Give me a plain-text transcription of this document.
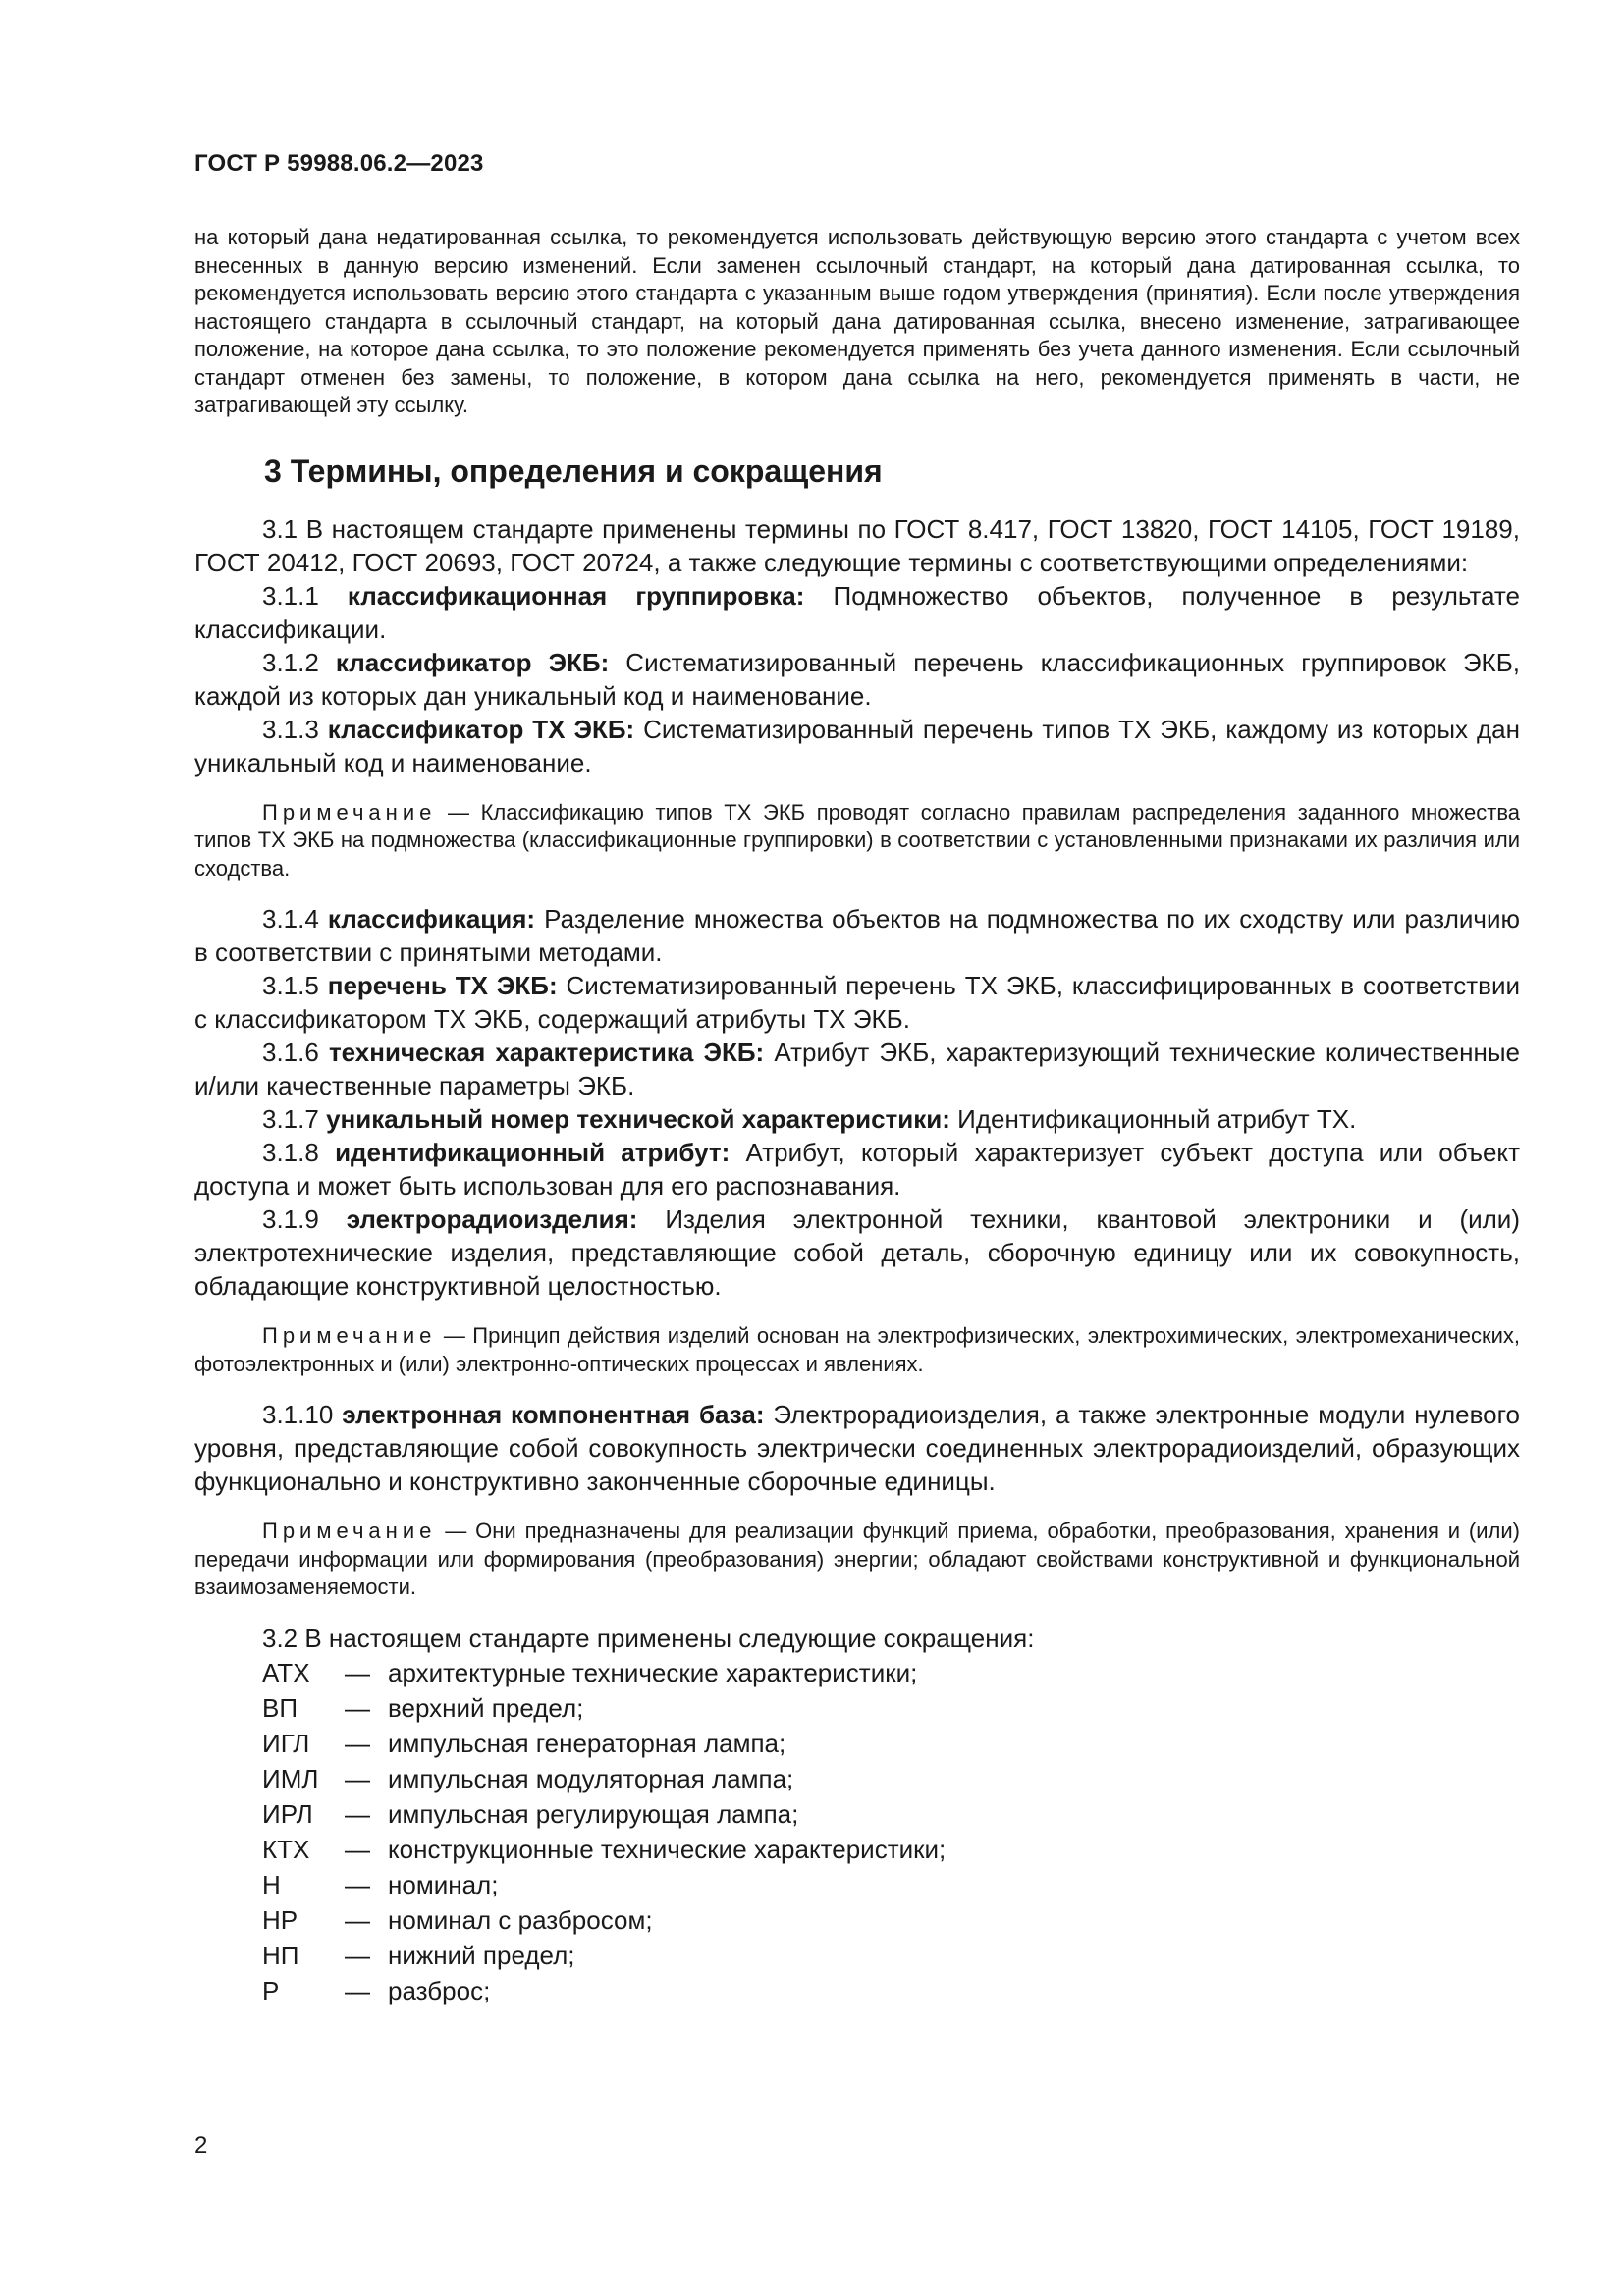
ГОСТ Р 59988.06.2—2023

на который дана недатированная ссылка, то рекомендуется использовать действующую версию этого стандарта с учетом всех внесенных в данную версию изменений. Если заменен ссылочный стандарт, на который дана датированная ссылка, то рекомендуется использовать версию этого стандарта с указанным выше годом утверждения (принятия). Если после утверждения настоящего стандарта в ссылочный стандарт, на который дана датированная ссылка, внесено изменение, затрагивающее положение, на которое дана ссылка, то это положение рекомендуется применять без учета данного изменения. Если ссылочный стандарт отменен без замены, то положение, в котором дана ссылка на него, рекомендуется применять в части, не затрагивающей эту ссылку.

3 Термины, определения и сокращения

3.1 В настоящем стандарте применены термины по ГОСТ 8.417, ГОСТ 13820, ГОСТ 14105, ГОСТ 19189, ГОСТ 20412, ГОСТ 20693, ГОСТ 20724, а также следующие термины с соответствующими определениями:

3.1.1 классификационная группировка: Подмножество объектов, полученное в результате классификации.

3.1.2 классификатор ЭКБ: Систематизированный перечень классификационных группировок ЭКБ, каждой из которых дан уникальный код и наименование.

3.1.3 классификатор ТХ ЭКБ: Систематизированный перечень типов ТХ ЭКБ, каждому из которых дан уникальный код и наименование.

Примечание — Классификацию типов ТХ ЭКБ проводят согласно правилам распределения заданного множества типов ТХ ЭКБ на подмножества (классификационные группировки) в соответствии с установленными признаками их различия или сходства.

3.1.4 классификация: Разделение множества объектов на подмножества по их сходству или различию в соответствии с принятыми методами.

3.1.5 перечень ТХ ЭКБ: Систематизированный перечень ТХ ЭКБ, классифицированных в соответствии с классификатором ТХ ЭКБ, содержащий атрибуты ТХ ЭКБ.

3.1.6 техническая характеристика ЭКБ: Атрибут ЭКБ, характеризующий технические количественные и/или качественные параметры ЭКБ.

3.1.7 уникальный номер технической характеристики: Идентификационный атрибут ТХ.

3.1.8 идентификационный атрибут: Атрибут, который характеризует субъект доступа или объект доступа и может быть использован для его распознавания.

3.1.9 электрорадиоизделия: Изделия электронной техники, квантовой электроники и (или) электротехнические изделия, представляющие собой деталь, сборочную единицу или их совокупность, обладающие конструктивной целостностью.

Примечание — Принцип действия изделий основан на электрофизических, электрохимических, электромеханических, фотоэлектронных и (или) электронно-оптических процессах и явлениях.

3.1.10 электронная компонентная база: Электрорадиоизделия, а также электронные модули нулевого уровня, представляющие собой совокупность электрически соединенных электрорадиоизделий, образующих функционально и конструктивно законченные сборочные единицы.

Примечание — Они предназначены для реализации функций приема, обработки, преобразования, хранения и (или) передачи информации или формирования (преобразования) энергии; обладают свойствами конструктивной и функциональной взаимозаменяемости.

3.2 В настоящем стандарте применены следующие сокращения:

АТХ	— архитектурные технические характеристики;
ВП	— верхний предел;
ИГЛ	— импульсная генераторная лампа;
ИМЛ	— импульсная модуляторная лампа;
ИРЛ	— импульсная регулирующая лампа;
КТХ	— конструкционные технические характеристики;
Н	— номинал;
НР	— номинал с разбросом;
НП	— нижний предел;
Р	— разброс;
2
